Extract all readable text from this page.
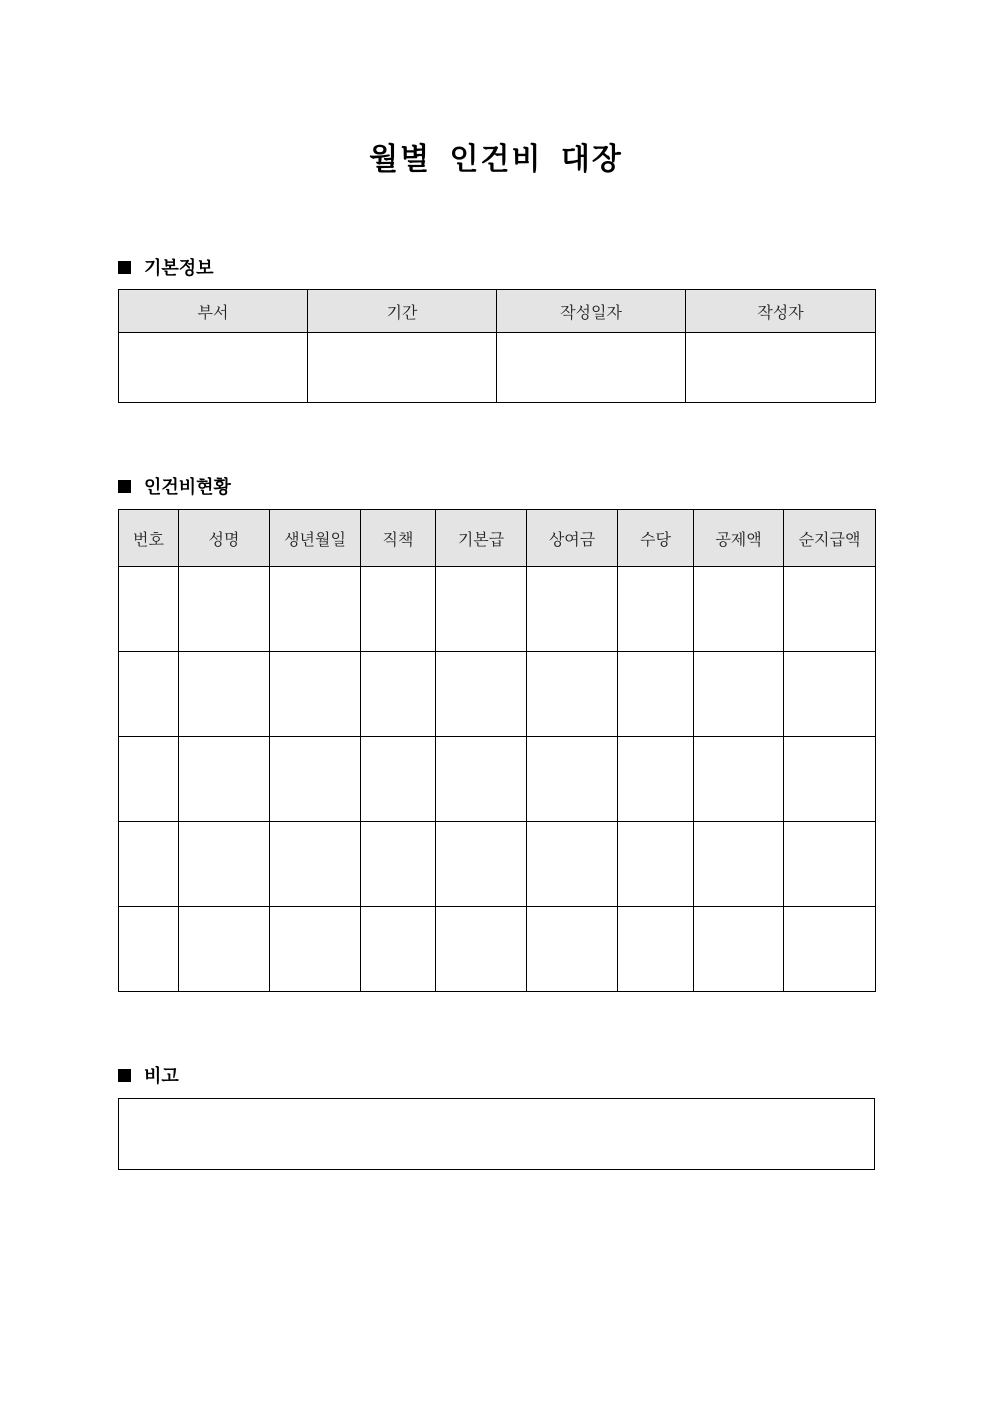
월별 인건비 대장
기본정보
부서	기간	작성일자	작성자

인건비현황
번호	성명	생년월일	직책	기본급	상여금	수당	공제액	순지급액

비고
